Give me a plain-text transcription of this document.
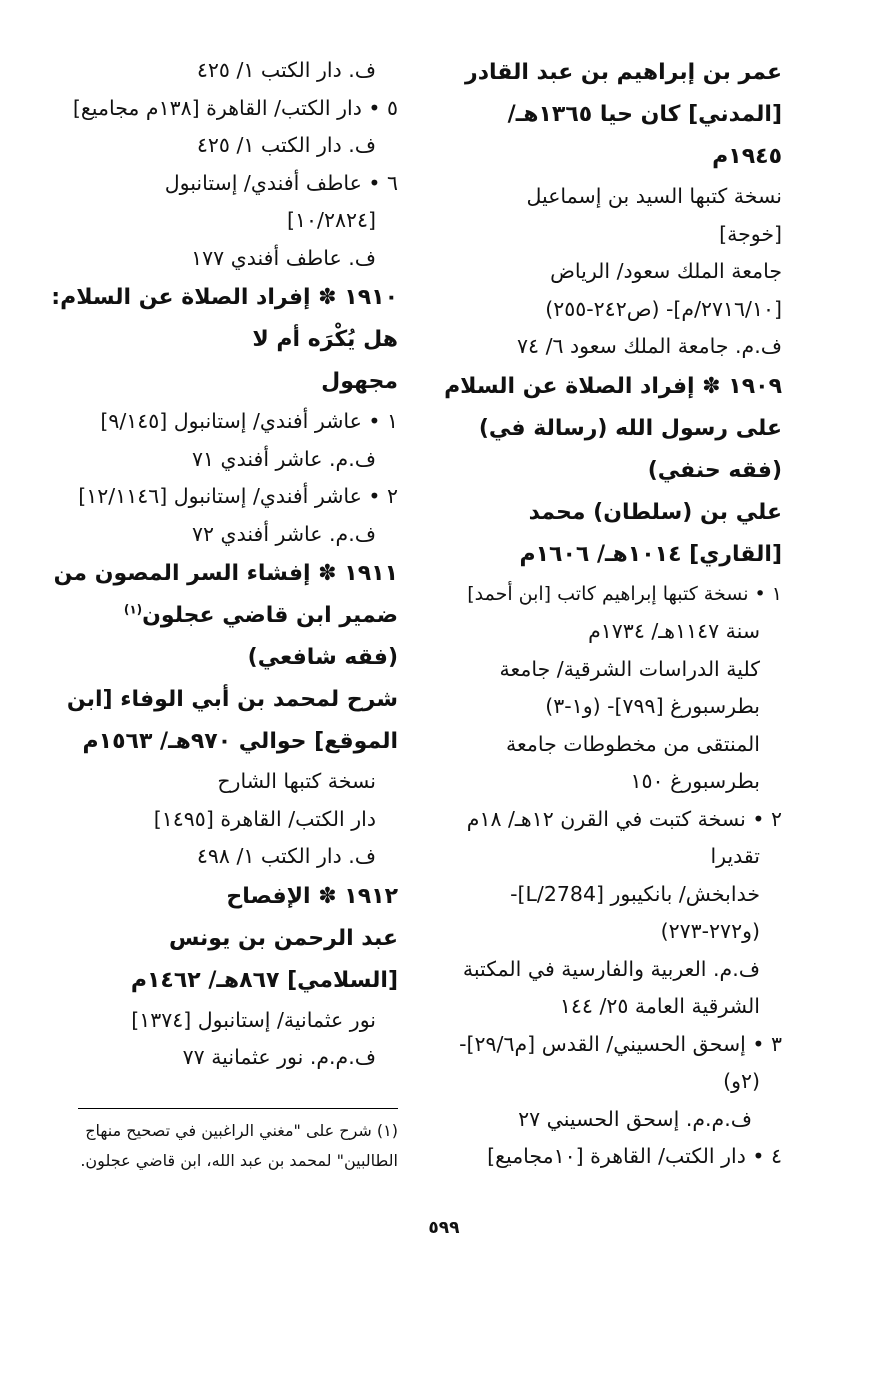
عمر بن إبراهيم بن عبد القادر
[المدني] كان حيا ١٣٦٥هـ/
١٩٤٥م
نسخة كتبها السيد بن إسماعيل
[خوجة]
جامعة الملك سعود/ الرياض
[٢٧١٦/١٠/م]- (ص٢٤٢-٢٥٥)
ف.م. جامعة الملك سعود ٦/ ٧٤
١٩٠٩ ✽ إفراد الصلاة عن السلام
على رسول الله (رسالة في)
(فقه حنفي)
علي بن (سلطان) محمد
[القاري] ١٠١٤هـ/ ١٦٠٦م
١ • نسخة كتبها إبراهيم كاتب [ابن أحمد]
سنة ١١٤٧هـ/ ١٧٣٤م
كلية الدراسات الشرقية/ جامعة
بطرسبورغ [٧٩٩]- (و١-٣)
المنتقى من مخطوطات جامعة
بطرسبورغ ١٥٠
٢ • نسخة كتبت في القرن ١٢هـ/ ١٨م
تقديرا
خدابخش/ بانكيبور [2784/L]-
(و٢٧٢-٢٧٣)
ف.م. العربية والفارسية في المكتبة
الشرقية العامة ٢٥/ ١٤٤
٣ • إسحق الحسيني/ القدس [م٢٩/٦]-
(٢و)
ف.م.م. إسحق الحسيني ٢٧
٤ • دار الكتب/ القاهرة [١٠مجاميع]
ف. دار الكتب ١/ ٤٢٥
٥ • دار الكتب/ القاهرة [١٣٨م مجاميع]
ف. دار الكتب ١/ ٤٢٥
٦ • عاطف أفندي/ إستانبول
[١٠/٢٨٢٤]
ف. عاطف أفندي ١٧٧
١٩١٠ ✽ إفراد الصلاة عن السلام:
هل يُكْرَه أم لا
مجهول
١ • عاشر أفندي/ إستانبول [٩/١٤٥]
ف.م. عاشر أفندي ٧١
٢ • عاشر أفندي/ إستانبول [١٢/١١٤٦]
ف.م. عاشر أفندي ٧٢
١٩١١ ✽ إفشاء السر المصون من
ضمير ابن قاضي عجلون$^{(١)}$
(فقه شافعي)
شرح لمحمد بن أبي الوفاء [ابن
الموقع] حوالي ٩٧٠هـ/ ١٥٦٣م
نسخة كتبها الشارح
دار الكتب/ القاهرة [١٤٩٥]
ف. دار الكتب ١/ ٤٩٨
١٩١٢ ✽ الإفصاح
عبد الرحمن بن يونس
[السلامي] ٨٦٧هـ/ ١٤٦٢م
نور عثمانية/ إستانبول [١٣٧٤]
ف.م.م. نور عثمانية ٧٧
(١) شرح على "مغني الراغبين في تصحيح منهاج
الطالبين" لمحمد بن عبد الله، ابن قاضي عجلون.
٥٩٩
